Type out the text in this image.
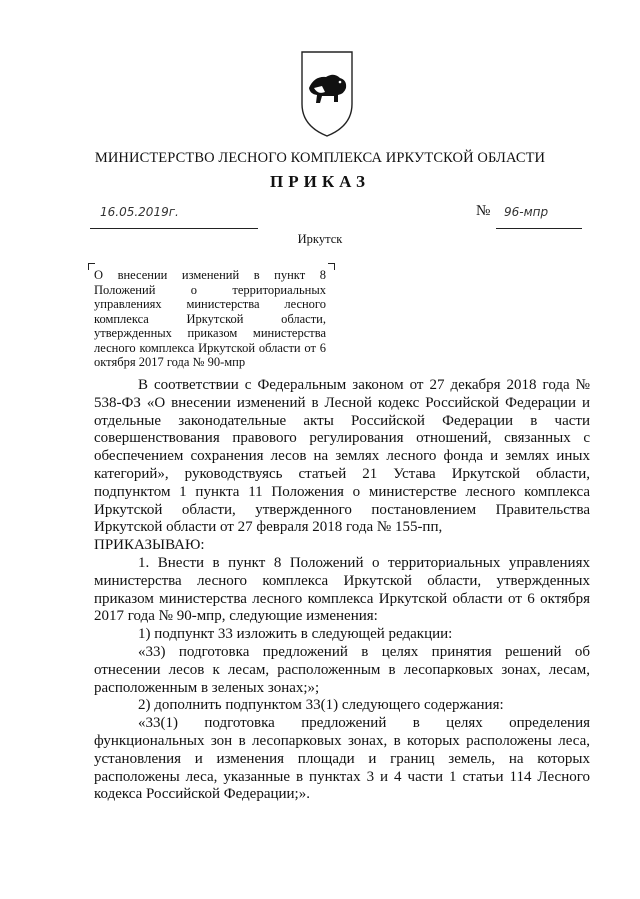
МИНИСТЕРСТВО ЛЕСНОГО КОМПЛЕКСА ИРКУТСКОЙ ОБЛАСТИ
ПРИКАЗ
16.05.2019г.	№ 96-мпр
Иркутск
О внесении изменений в пункт 8 Положений о территориальных управлениях министерства лесного комплекса Иркутской области, утвержденных приказом министерства лесного комплекса Иркутской области от 6 октября 2017 года № 90-мпр

В соответствии с Федеральным законом от 27 декабря 2018 года № 538-ФЗ «О внесении изменений в Лесной кодекс Российской Федерации и отдельные законодательные акты Российской Федерации в части совершенствования правового регулирования отношений, связанных с обеспечением сохранения лесов на землях лесного фонда и землях иных категорий», руководствуясь статьей 21 Устава Иркутской области, подпунктом 1 пункта 11 Положения о министерстве лесного комплекса Иркутской области, утвержденного постановлением Правительства Иркутской области от 27 февраля 2018 года № 155-пп,

ПРИКАЗЫВАЮ:

1. Внести в пункт 8 Положений о территориальных управлениях министерства лесного комплекса Иркутской области, утвержденных приказом министерства лесного комплекса Иркутской области от 6 октября 2017 года № 90-мпр, следующие изменения:

1) подпункт 33 изложить в следующей редакции:

«33) подготовка предложений в целях принятия решений об отнесении лесов к лесам, расположенным в лесопарковых зонах, лесам, расположенным в зеленых зонах;»;

2) дополнить подпунктом 33(1) следующего содержания:

«33(1) подготовка предложений в целях определения функциональных зон в лесопарковых зонах, в которых расположены леса, установления и изменения площади и границ земель, на которых расположены леса, указанные в пунктах 3 и 4 части 1 статьи 114 Лесного кодекса Российской Федерации;».
